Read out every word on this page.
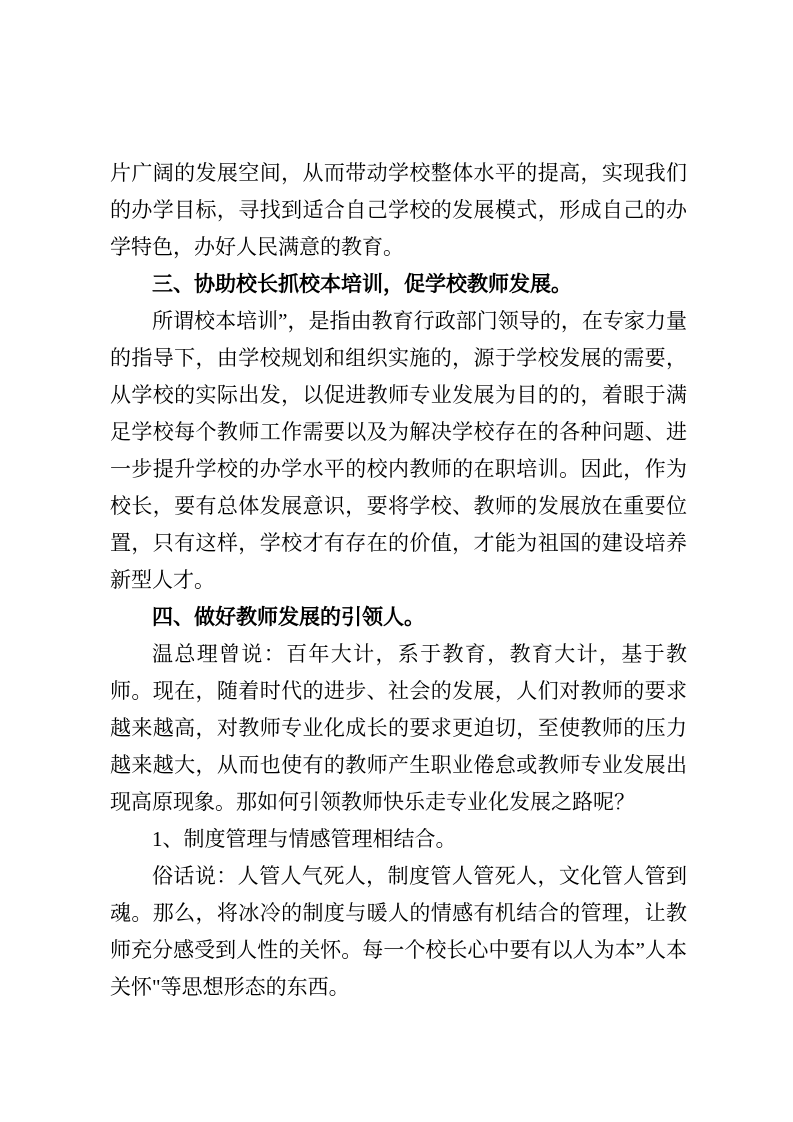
片广阔的发展空间，从而带动学校整体水平的提高，实现我们的办学目标，寻找到适合自己学校的发展模式，形成自己的办学特色，办好人民满意的教育。

三、协助校长抓校本培训，促学校教师发展。

所谓校本培训”，是指由教育行政部门领导的，在专家力量的指导下，由学校规划和组织实施的，源于学校发展的需要，从学校的实际出发，以促进教师专业发展为目的的，着眼于满足学校每个教师工作需要以及为解决学校存在的各种问题、进一步提升学校的办学水平的校内教师的在职培训。因此，作为校长，要有总体发展意识，要将学校、教师的发展放在重要位置，只有这样，学校才有存在的价值，才能为祖国的建设培养新型人才。

四、做好教师发展的引领人。

温总理曾说：百年大计，系于教育，教育大计，基于教师。现在，随着时代的进步、社会的发展，人们对教师的要求越来越高，对教师专业化成长的要求更迫切，至使教师的压力越来越大，从而也使有的教师产生职业倦怠或教师专业发展出现高原现象。那如何引领教师快乐走专业化发展之路呢？

1、制度管理与情感管理相结合。

俗话说：人管人气死人，制度管人管死人，文化管人管到魂。那么，将冰冷的制度与暖人的情感有机结合的管理，让教师充分感受到人性的关怀。每一个校长心中要有以人为本”人本关怀"等思想形态的东西。
